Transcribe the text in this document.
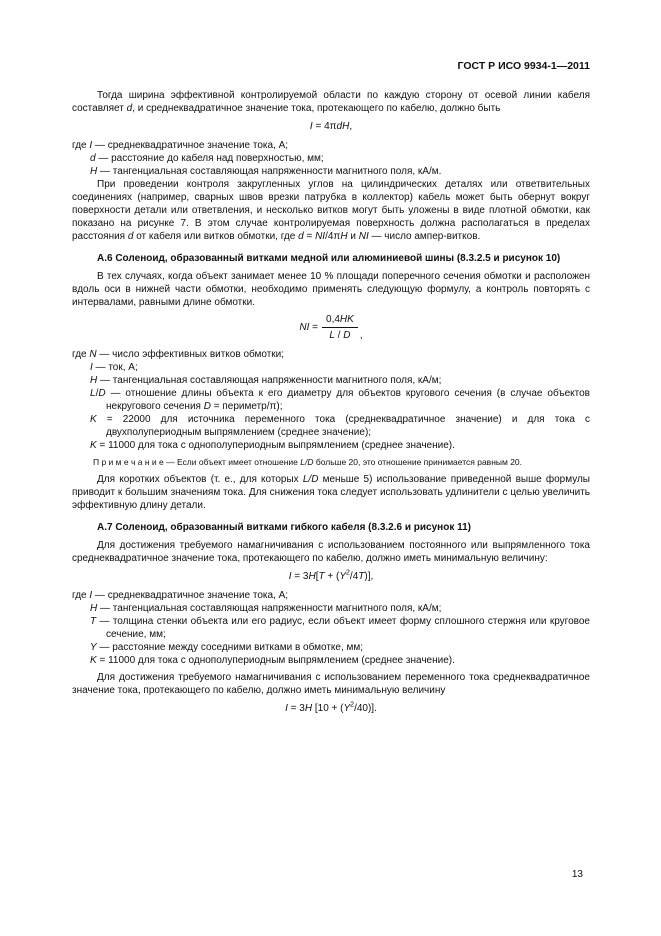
ГОСТ Р ИСО 9934-1—2011

Тогда ширина эффективной контролируемой области по каждую сторону от осевой линии кабеля составляет d, и среднеквадратичное значение тока, протекающего по кабелю, должно быть

I = 4πdH,
где I — среднеквадратичное значение тока, А;
d — расстояние до кабеля над поверхностью, мм;
H — тангенциальная составляющая напряженности магнитного поля, кА/м.

При проведении контроля закругленных углов на цилиндрических деталях или ответвительных соединениях (например, сварных швов врезки патрубка в коллектор) кабель может быть обернут вокруг поверхности детали или ответвления, и несколько витков могут быть уложены в виде плотной обмотки, как показано на рисунке 7. В этом случае контролируемая поверхность должна располагаться в пределах расстояния d от кабеля или витков обмотки, где d = NI/4πH и NI — число ампер-витков.

А.6 Соленоид, образованный витками медной или алюминиевой шины (8.3.2.5 и рисунок 10)

В тех случаях, когда объект занимает менее 10 % площади поперечного сечения обмотки и расположен вдоль оси в нижней части обмотки, необходимо применять следующую формулу, а контроль повторять с интервалами, равными длине обмотки.

NI = $\frac{0,4HK}{L / D}$ ,
где N — число эффективных витков обмотки;
I — ток, А;
H — тангенциальная составляющая напряженности магнитного поля, кА/м;
L/D — отношение длины объекта к его диаметру для объектов кругового сечения (в случае объектов некругового сечения D = периметр/π);
K = 22000 для источника переменного тока (среднеквадратичное значение) и для тока с двухполупериодным выпрямлением (среднее значение);
K = 11000 для тока с однополупериодным выпрямлением (среднее значение).
П р и м е ч а н и е — Если объект имеет отношение L/D больше 20, это отношение принимается равным 20.

Для коротких объектов (т. е., для которых L/D меньше 5) использование приведенной выше формулы приводит к большим значениям тока. Для снижения тока следует использовать удлинители с целью увеличить эффективную длину детали.

А.7 Соленоид, образованный витками гибкого кабеля (8.3.2.6 и рисунок 11)

Для достижения требуемого намагничивания с использованием постоянного или выпрямленного тока среднеквадратичное значение тока, протекающего по кабелю, должно иметь минимальную величину:

$I = 3H[T + (Y^2/4T)]$,
где I — среднеквадратичное значение тока, А;
H — тангенциальная составляющая напряженности магнитного поля, кА/м;
T — толщина стенки объекта или его радиус, если объект имеет форму сплошного стержня или круговое сечение, мм;
Y — расстояние между соседними витками в обмотке, мм;
K = 11000 для тока с однополупериодным выпрямлением (среднее значение).

Для достижения требуемого намагничивания с использованием переменного тока среднеквадратичное значение тока, протекающего по кабелю, должно иметь минимальную величину

I = 3H $[10 + (Y^2/40)]$.
13
